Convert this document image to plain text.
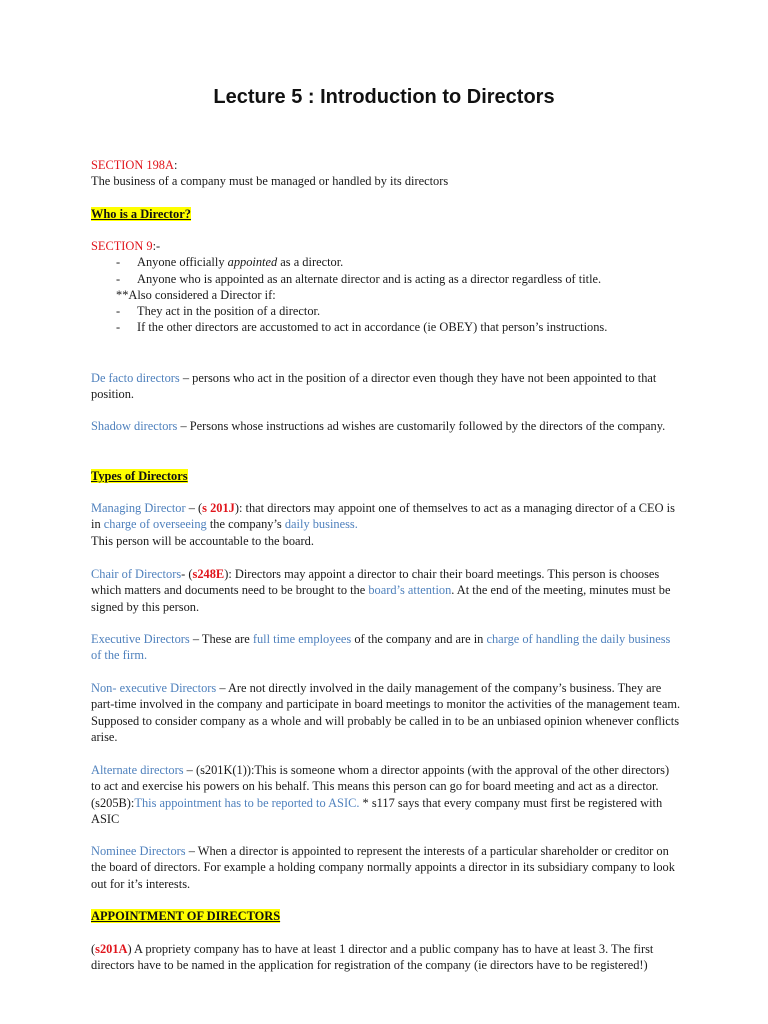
Lecture 5 : Introduction to Directors

SECTION 198A:
The business of a company must be managed or handled by its directors

Who is a Director?

SECTION 9:-
- Anyone officially appointed as a director.
- Anyone who is appointed as an alternate director and is acting as a director regardless of title.
**Also considered a Director if:
- They act in the position of a director.
- If the other directors are accustomed to act in accordance (ie OBEY) that person’s instructions.

De facto directors – persons who act in the position of a director even though they have not been appointed to that position.

Shadow directors – Persons whose instructions ad wishes are customarily followed by the directors of the company.

Types of Directors

Managing Director – (s 201J): that directors may appoint one of themselves to act as a managing director of a CEO is in charge of overseeing the company’s daily business.
This person will be accountable to the board.

Chair of Directors- (s248E): Directors may appoint a director to chair their board meetings. This person is chooses which matters and documents need to be brought to the board’s attention. At the end of the meeting, minutes must be signed by this person.

Executive Directors – These are full time employees of the company and are in charge of handling the daily business of the firm.

Non- executive Directors – Are not directly involved in the daily management of the company’s business. They are part-time involved in the company and participate in board meetings to monitor the activities of the management team. Supposed to consider company as a whole and will probably be called in to be an unbiased opinion whenever conflicts arise.

Alternate directors – (s201K(1)):This is someone whom a director appoints (with the approval of the other directors) to act and exercise his powers on his behalf. This means this person can go for board meeting and act as a director. (s205B):This appointment has to be reported to ASIC. * s117 says that every company must first be registered with ASIC

Nominee Directors – When a director is appointed to represent the interests of a particular shareholder or creditor on the board of directors. For example a holding company normally appoints a director in its subsidiary company to look out for it’s interests.

APPOINTMENT OF DIRECTORS

(s201A) A propriety company has to have at least 1 director and a public company has to have at least 3. The first directors have to be named in the application for registration of the company (ie directors have to be registered!)
